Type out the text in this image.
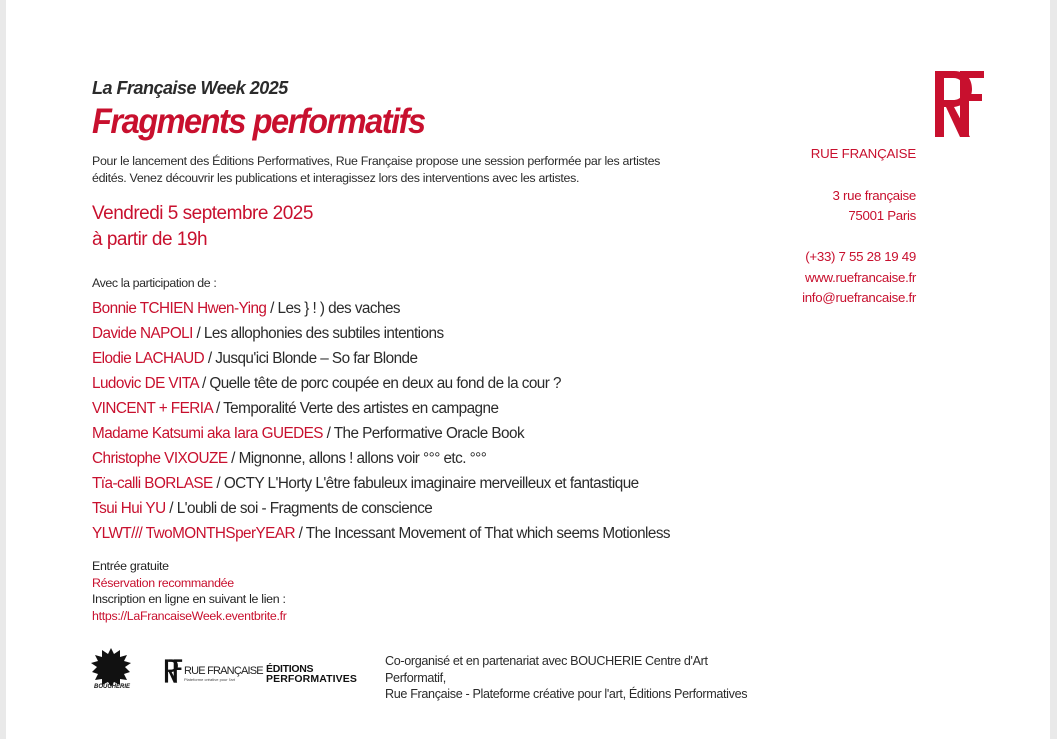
La Française Week 2025

Fragments performatifs
Pour le lancement des Éditions Performatives, Rue Française propose une session performée par les artistes
édités. Venez découvrir les publications et interagissez lors des interventions avec les artistes.

Vendredi 5 septembre 2025

à partir de 19h

Avec la participation de :

Bonnie TCHIEN Hwen-Ying / Les } ! ) des vaches
Davide NAPOLI / Les allophonies des subtiles intentions
Elodie LACHAUD / Jusqu'ici Blonde – So far Blonde
Ludovic DE VITA / Quelle tête de porc coupée en deux au fond de la cour ?
VINCENT + FERIA / Temporalité Verte des artistes en campagne
Madame Katsumi aka Iara GUEDES / The Performative Oracle Book
Christophe VIXOUZE / Mignonne, allons ! allons voir °°° etc. °°°
Tïa-calli BORLASE / OCTY L'Horty L'être fabuleux imaginaire merveilleux et fantastique
Tsui Hui YU / L'oubli de soi - Fragments de conscience
YLWT/// TwoMONTHSperYEAR / The Incessant Movement of That which seems Motionless
Entrée gratuite
Réservation recommandée
Inscription en ligne en suivant le lien :
https://LaFrancaiseWeek.eventbrite.fr

RUE FRANÇAISE

3 rue française
75001 Paris
(+33) 7 55 28 19 49
www.ruefrancaise.fr
info@ruefrancaise.fr
BOUCHERIE
RUE FRANÇAISE
Plateforme créative pour l'art
ÉDITIONS
PERFORMATIVES
Co-organisé et en partenariat avec BOUCHERIE Centre d'Art Performatif,
Rue Française - Plateforme créative pour l'art, Éditions Performatives
